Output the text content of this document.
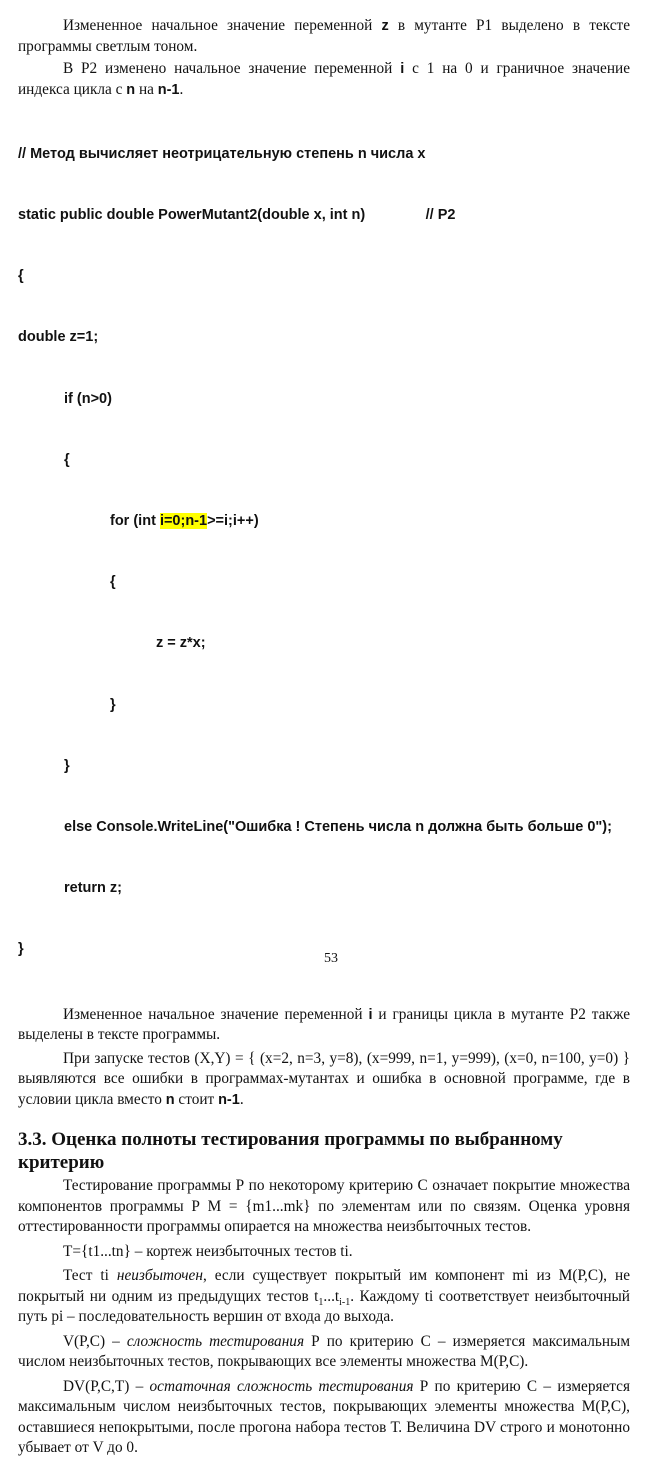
Измененное начальное значение переменной z в мутанте Р1 выделено в тексте программы светлым тоном.

В Р2 изменено начальное значение переменной i с 1 на 0 и граничное значение индекса цикла с n на n-1.

// Метод вычисляет неотрицательную степень n числа x

static public double PowerMutant2(double x, int n)               // P2

{

double z=1;

if (n>0)

{

for (int i=0;n-1>=i;i++)

{

z = z*x;

}

}

else Console.WriteLine("Ошибка ! Степень числа n должна быть больше 0");

return z;

}

Измененное начальное значение переменной i и границы цикла в мутанте Р2 также выделены в тексте программы.

При запуске тестов (X,Y) = { (x=2, n=3, y=8), (x=999, n=1, y=999), (x=0, n=100, y=0) } выявляются все ошибки в программах-мутантах и ошибка в основной программе, где в условии цикла вместо n стоит n-1.

3.3. Оценка полноты тестирования программы по выбранному критерию

Тестирование программы Р по некоторому критерию С означает покрытие множества компонентов программы Р М = {m1...mk} по элементам или по связям. Оценка уровня оттестированности программы опирается на множества неизбыточных тестов.

T={t1...tn} – кортеж неизбыточных тестов ti.

Тест ti неизбыточен, если существует покрытый им компонент mi из М(Р,С), не покрытый ни одним из предыдущих тестов $t_1...t_{i-1}$. Каждому ti соответствует неизбыточный путь pi – последовательность вершин от входа до выхода.

V(P,C) – сложность тестирования Р по критерию С – измеряется максимальным числом неизбыточных тестов, покрывающих все элементы множества М(Р,С).

DV(P,C,T) – остаточная сложность тестирования Р по критерию С – измеряется максимальным числом неизбыточных тестов, покрывающих элементы множества М(Р,С), оставшиеся непокрытыми, после прогона набора тестов Т. Величина DV строго и монотонно убывает от V до 0.

53
